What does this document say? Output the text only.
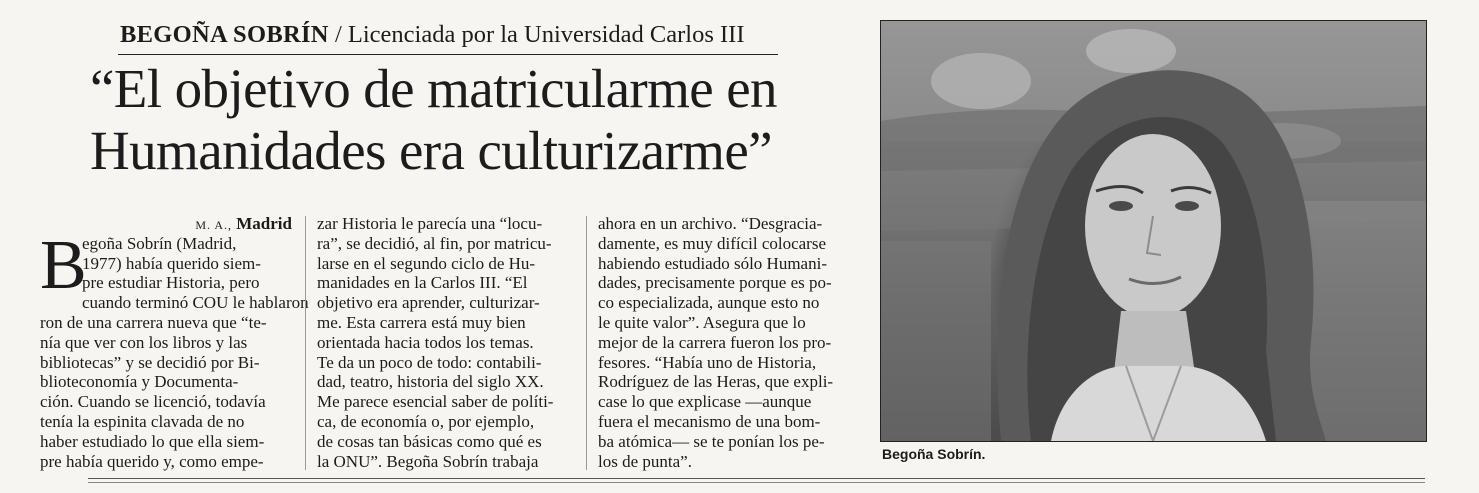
BEGOÑA SOBRÍN / Licenciada por la Universidad Carlos III
“El objetivo de matricularme en
Humanidades era culturizarme”
M. A., Madrid
B
egoña Sobrín (Madrid,
1977) había querido siem-
pre estudiar Historia, pero
cuando terminó COU le hablaron
ron de una carrera nueva que “te-
nía que ver con los libros y las
bibliotecas” y se decidió por Bi-
blioteconomía y Documenta-
ción. Cuando se licenció, todavía
tenía la espinita clavada de no
haber estudiado lo que ella siem-
pre había querido y, como empe-
zar Historia le parecía una “locu-
ra”, se decidió, al fin, por matricu-
larse en el segundo ciclo de Hu-
manidades en la Carlos III. “El
objetivo era aprender, culturizar-
me. Esta carrera está muy bien
orientada hacia todos los temas.
Te da un poco de todo: contabili-
dad, teatro, historia del siglo XX.
Me parece esencial saber de políti-
ca, de economía o, por ejemplo,
de cosas tan básicas como qué es
la ONU”. Begoña Sobrín trabaja
ahora en un archivo. “Desgracia-
damente, es muy difícil colocarse
habiendo estudiado sólo Humani-
dades, precisamente porque es po-
co especializada, aunque esto no
le quite valor”. Asegura que lo
mejor de la carrera fueron los pro-
fesores. “Había uno de Historia,
Rodríguez de las Heras, que expli-
case lo que explicase —aunque
fuera el mecanismo de una bom-
ba atómica— se te ponían los pe-
los de punta”.	Begoña Sobrín.
